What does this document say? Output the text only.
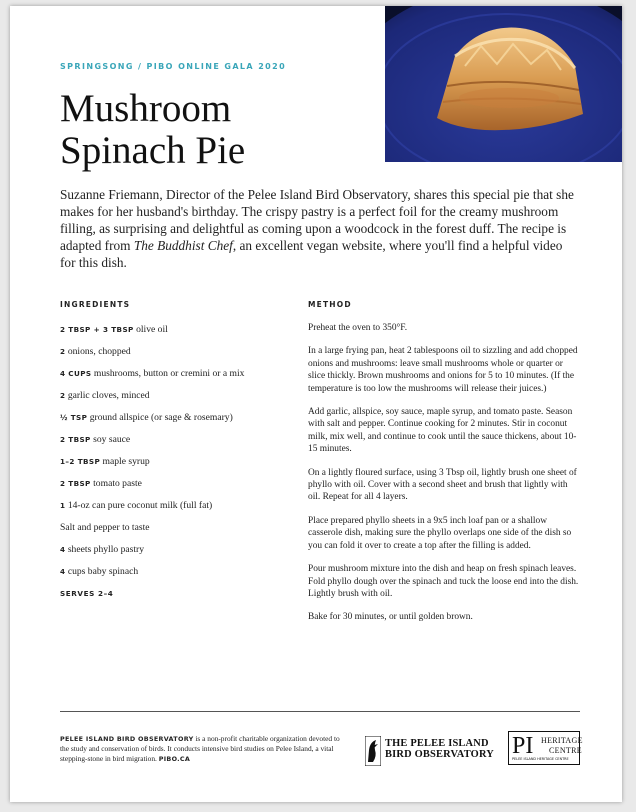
SPRINGSONG / PIBO ONLINE GALA 2020
Mushroom
Spinach Pie

Suzanne Friemann, Director of the Pelee Island Bird Observatory, shares this special pie that she makes for her husband's birthday. The crispy pastry is a perfect foil for the creamy mushroom filling, as surprising and delightful as coming upon a woodcock in the forest duff. The recipe is adapted from The Buddhist Chef, an excellent vegan website, where you'll find a helpful video for this dish.

INGREDIENTS	METHOD
2 TBSP + 3 TBSP olive oil
2 onions, chopped
4 CUPS mushrooms, button or cremini or a mix
2 garlic cloves, minced
½ TSP ground allspice (or sage & rosemary)
2 TBSP soy sauce
1–2 TBSP maple syrup
2 TBSP tomato paste
1 14-oz can pure coconut milk (full fat)
Salt and pepper to taste
4 sheets phyllo pastry
4 cups baby spinach
SERVES 2–4

Preheat the oven to 350°F.

In a large frying pan, heat 2 tablespoons oil to sizzling and add chopped onions and mushrooms: leave small mushrooms whole or quarter or slice thickly. Brown mushrooms and onions for 5 to 10 minutes. (If the temperature is too low the mushrooms will release their juices.)

Add garlic, allspice, soy sauce, maple syrup, and tomato paste. Season with salt and pepper. Continue cooking for 2 minutes. Stir in coconut milk, mix well, and continue to cook until the sauce thickens, about 10- 15 minutes.

On a lightly floured surface, using 3 Tbsp oil, lightly brush one sheet of phyllo with oil. Cover with a second sheet and brush that lightly with oil. Repeat for all 4 layers.

Place prepared phyllo sheets in a 9x5 inch loaf pan or a shallow casserole dish, making sure the phyllo overlaps one side of the dish so you can fold it over to create a top after the filling is added.

Pour mushroom mixture into the dish and heap on fresh spinach leaves. Fold phyllo dough over the spinach and tuck the loose end into the dish. Lightly brush with oil.

Bake for 30 minutes, or until golden brown.

PELEE ISLAND BIRD OBSERVATORY is a non-profit charitable organization devoted to the study and conservation of birds. It conducts intensive bird studies on Pelee Island, a vital stepping-stone in bird migration. PIBO.CA

THE PELEE ISLAND
BIRD OBSERVATORY PI HERITAGE
CENTRE
PELEE ISLAND HERITAGE CENTRE
